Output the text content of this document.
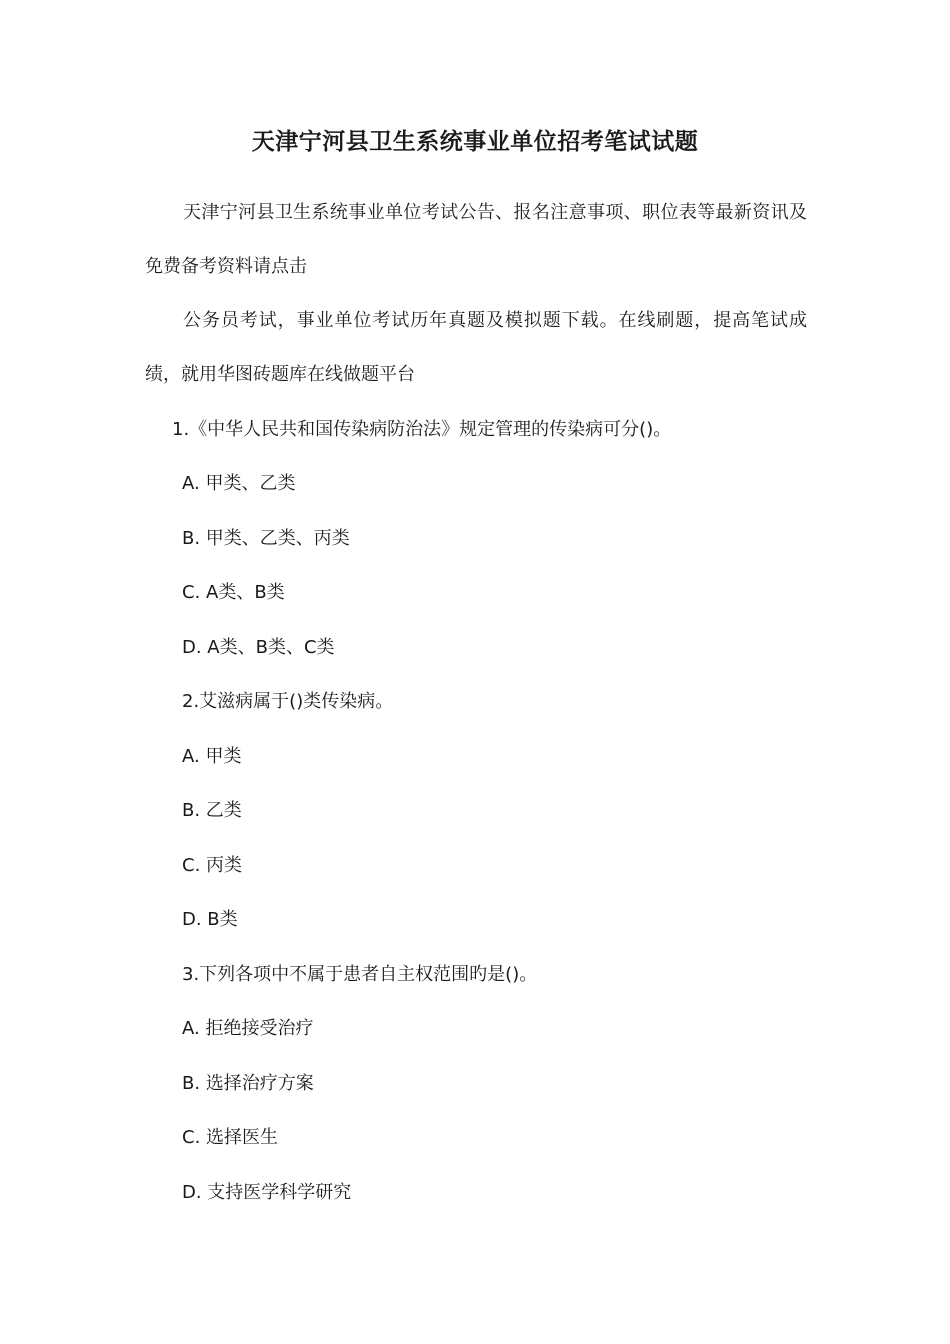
天津宁河县卫生系统事业单位招考笔试试题

天津宁河县卫生系统事业单位考试公告、报名注意事项、职位表等最新资讯及免费备考资料请点击

公务员考试，事业单位考试历年真题及模拟题下载。在线刷题，提高笔试成绩，就用华图砖题库在线做题平台

1.《中华人民共和国传染病防治法》规定管理的传染病可分()。

A. 甲类、乙类

B. 甲类、乙类、丙类

C. A类、B类

D. A类、B类、C类

2.艾滋病属于()类传染病。

A. 甲类

B. 乙类

C. 丙类

D. B类

3.下列各项中不属于患者自主权范围旳是()。

A. 拒绝接受治疗

B. 选择治疗方案

C. 选择医生

D. 支持医学科学研究
